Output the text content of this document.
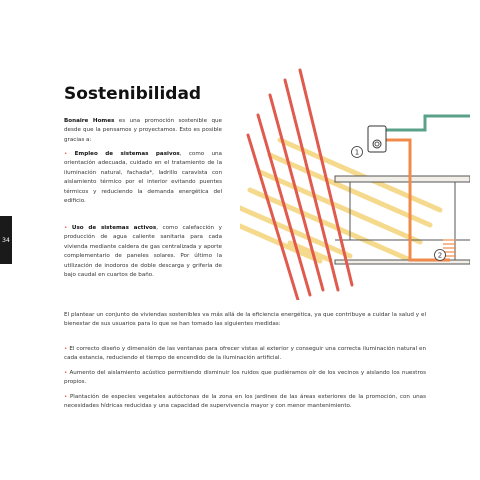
34
Sostenibilidad

Bonaire Homes es una promoción sostenible que desde que la pensamos y proyectamos. Esto es posible gracias a:

• Empleo de sistemas pasivos, como una orientación adecuada, cuidado en el tratamiento de la iluminación natural, fachada*, ladrillo caravista con aislamiento térmico por el interior evitando puentes térmicos y reduciendo la demanda energética del edificio.

• Uso de sistemas activos, como calefacción y producción de agua caliente sanitaria para cada vivienda mediante caldera de gas centralizada y aporte complementario de paneles solares. Por último la utilización de inodoros de doble descarga y grifería de bajo caudal en cuartos de baño.

1
2

El plantear un conjunto de viviendas sostenibles va más allá de la eficiencia energética, ya que contribuye a cuidar la salud y el bienestar de sus usuarios para lo que se han tomado las siguientes medidas:

• El correcto diseño y dimensión de las ventanas para ofrecer vistas al exterior y conseguir una correcta iluminación natural en cada estancia, reduciendo el tiempo de encendido de la iluminación artificial.

• Aumento del aislamiento acústico permitiendo disminuir los ruidos que pudiéramos oír de los vecinos y aislando los nuestros propios.

• Plantación de especies vegetales autóctonas de la zona en los jardines de las áreas exteriores de la promoción, con unas necesidades hídricas reducidas y una capacidad de supervivencia mayor y con menor mantenimiento.
